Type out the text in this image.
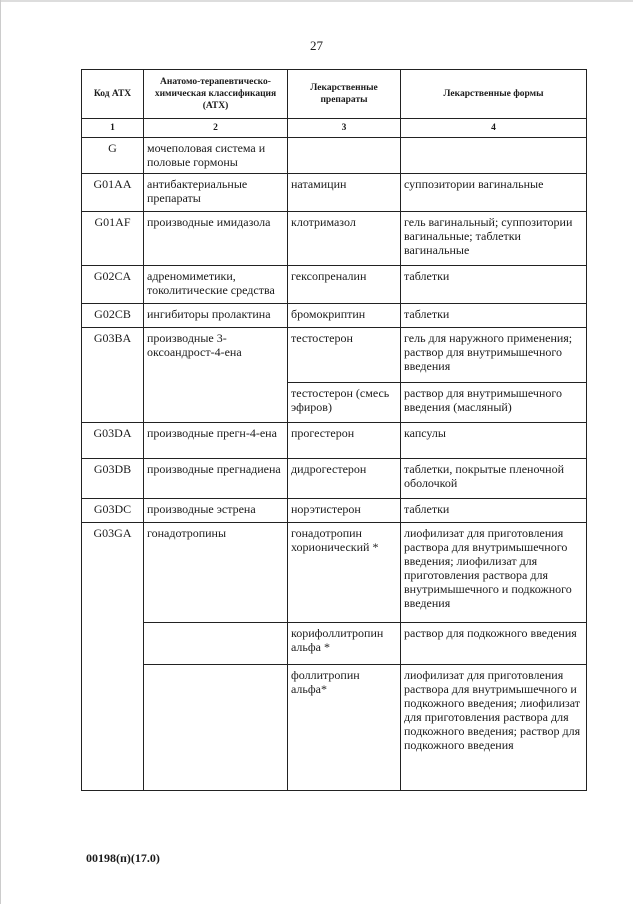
27
Код АТХ	Анатомо-терапевтическо-химическая классификация (АТХ)	Лекарственные препараты	Лекарственные формы
1	2	3	4
G	мочеполовая система и половые гормоны		
G01AA	антибактериальные препараты	натамицин	суппозитории вагинальные
G01AF	производные имидазола	клотримазол	гель вагинальный; суппозитории вагинальные; таблетки вагинальные
G02CA	адреномиметики, токолитические средства	гексопреналин	таблетки
G02CB	ингибиторы пролактина	бромокриптин	таблетки
G03BA	производные 3-оксоандрост-4-ена	тестостерон	гель для наружного применения; раствор для внутримышечного введения
		тестостерон (смесь эфиров)	раствор для внутримышечного введения (масляный)
G03DA	производные прегн-4-ена	прогестерон	капсулы
G03DB	производные прегнадиена	дидрогестерон	таблетки, покрытые пленочной оболочкой
G03DC	производные эстрена	норэтистерон	таблетки
G03GA	гонадотропины	гонадотропин хорионический *	лиофилизат для приготовления раствора для внутримышечного введения; лиофилизат для приготовления раствора для внутримышечного и подкожного введения
		корифоллитропин альфа *	раствор для подкожного введения
		фоллитропин альфа*	лиофилизат для приготовления раствора для внутримышечного и подкожного введения; лиофилизат для приготовления раствора для подкожного введения; раствор для подкожного введения
00198(п)(17.0)
